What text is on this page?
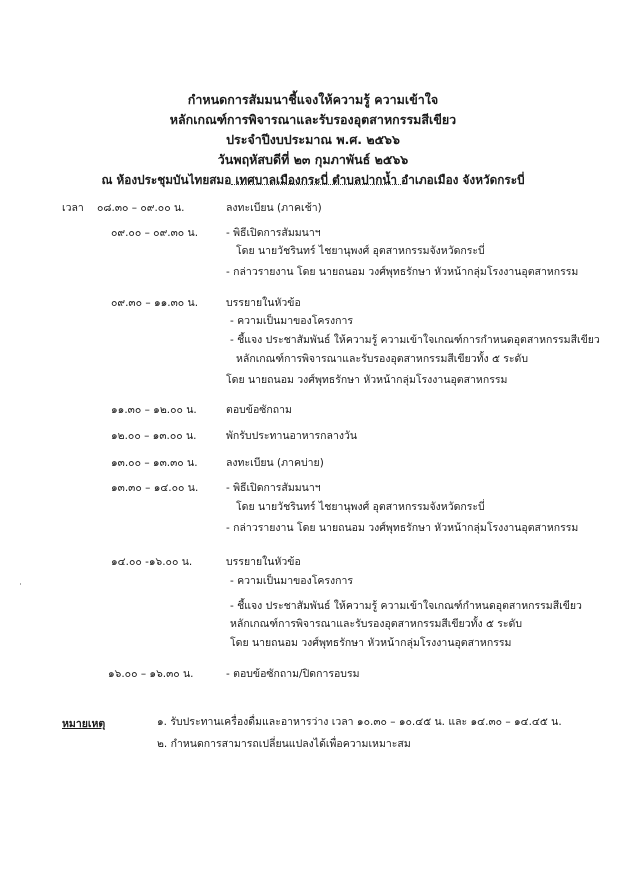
กำหนดการสัมมนาชี้แจงให้ความรู้ ความเข้าใจ
หลักเกณฑ์การพิจารณาและรับรองอุตสาหกรรมสีเขียว
ประจำปีงบประมาณ พ.ศ. ๒๕๖๖
วันพฤหัสบดีที่ ๒๓ กุมภาพันธ์ ๒๕๖๖
ณ ห้องประชุมบันไทยสมอ เทศบาลเมืองกระบี่ ตำบลปากน้ำ อำเภอเมือง จังหวัดกระบี่
เวลา ๐๘.๓๐ – ๐๙.๐๐ น.	ลงทะเบียน (ภาคเช้า)
๐๙.๐๐ – ๐๙.๓๐ น.	- พิธีเปิดการสัมมนาฯ
โดย นายวัชรินทร์ ไชยานุพงศ์ อุตสาหกรรมจังหวัดกระบี่
- กล่าวรายงาน โดย นายถนอม วงศ์พุทธรักษา หัวหน้ากลุ่มโรงงานอุตสาหกรรม
๐๙.๓๐ – ๑๑.๓๐ น.	บรรยายในหัวข้อ
- ความเป็นมาของโครงการ
- ชี้แจง ประชาสัมพันธ์ ให้ความรู้ ความเข้าใจเกณฑ์การกำหนดอุตสาหกรรมสีเขียว
หลักเกณฑ์การพิจารณาและรับรองอุตสาหกรรมสีเขียวทั้ง ๕ ระดับ
โดย นายถนอม วงศ์พุทธรักษา หัวหน้ากลุ่มโรงงานอุตสาหกรรม
๑๑.๓๐ – ๑๒.๐๐ น.	ตอบข้อซักถาม
๑๒.๐๐ – ๑๓.๐๐ น.	พักรับประทานอาหารกลางวัน
๑๓.๐๐ – ๑๓.๓๐ น.	ลงทะเบียน (ภาคบ่าย)
๑๓.๓๐ – ๑๔.๐๐ น.	- พิธีเปิดการสัมมนาฯ
โดย นายวัชรินทร์ ไชยานุพงศ์ อุตสาหกรรมจังหวัดกระบี่
- กล่าวรายงาน โดย นายถนอม วงศ์พุทธรักษา หัวหน้ากลุ่มโรงงานอุตสาหกรรม
๑๔.๐๐ -๑๖.๐๐ น.	บรรยายในหัวข้อ
- ความเป็นมาของโครงการ
- ชี้แจง ประชาสัมพันธ์ ให้ความรู้ ความเข้าใจเกณฑ์กำหนดอุตสาหกรรมสีเขียว
หลักเกณฑ์การพิจารณาและรับรองอุตสาหกรรมสีเขียวทั้ง ๕ ระดับ
โดย นายถนอม วงศ์พุทธรักษา หัวหน้ากลุ่มโรงงานอุตสาหกรรม
๑๖.๐๐ – ๑๖.๓๐ น.	- ตอบข้อซักถาม/ปิดการอบรม
หมายเหตุ	๑. รับประทานเครื่องดื่มและอาหารว่าง เวลา ๑๐.๓๐ – ๑๐.๔๕ น. และ ๑๔.๓๐ – ๑๔.๔๕ น.
๒. กำหนดการสามารถเปลี่ยนแปลงได้เพื่อความเหมาะสม
˙
